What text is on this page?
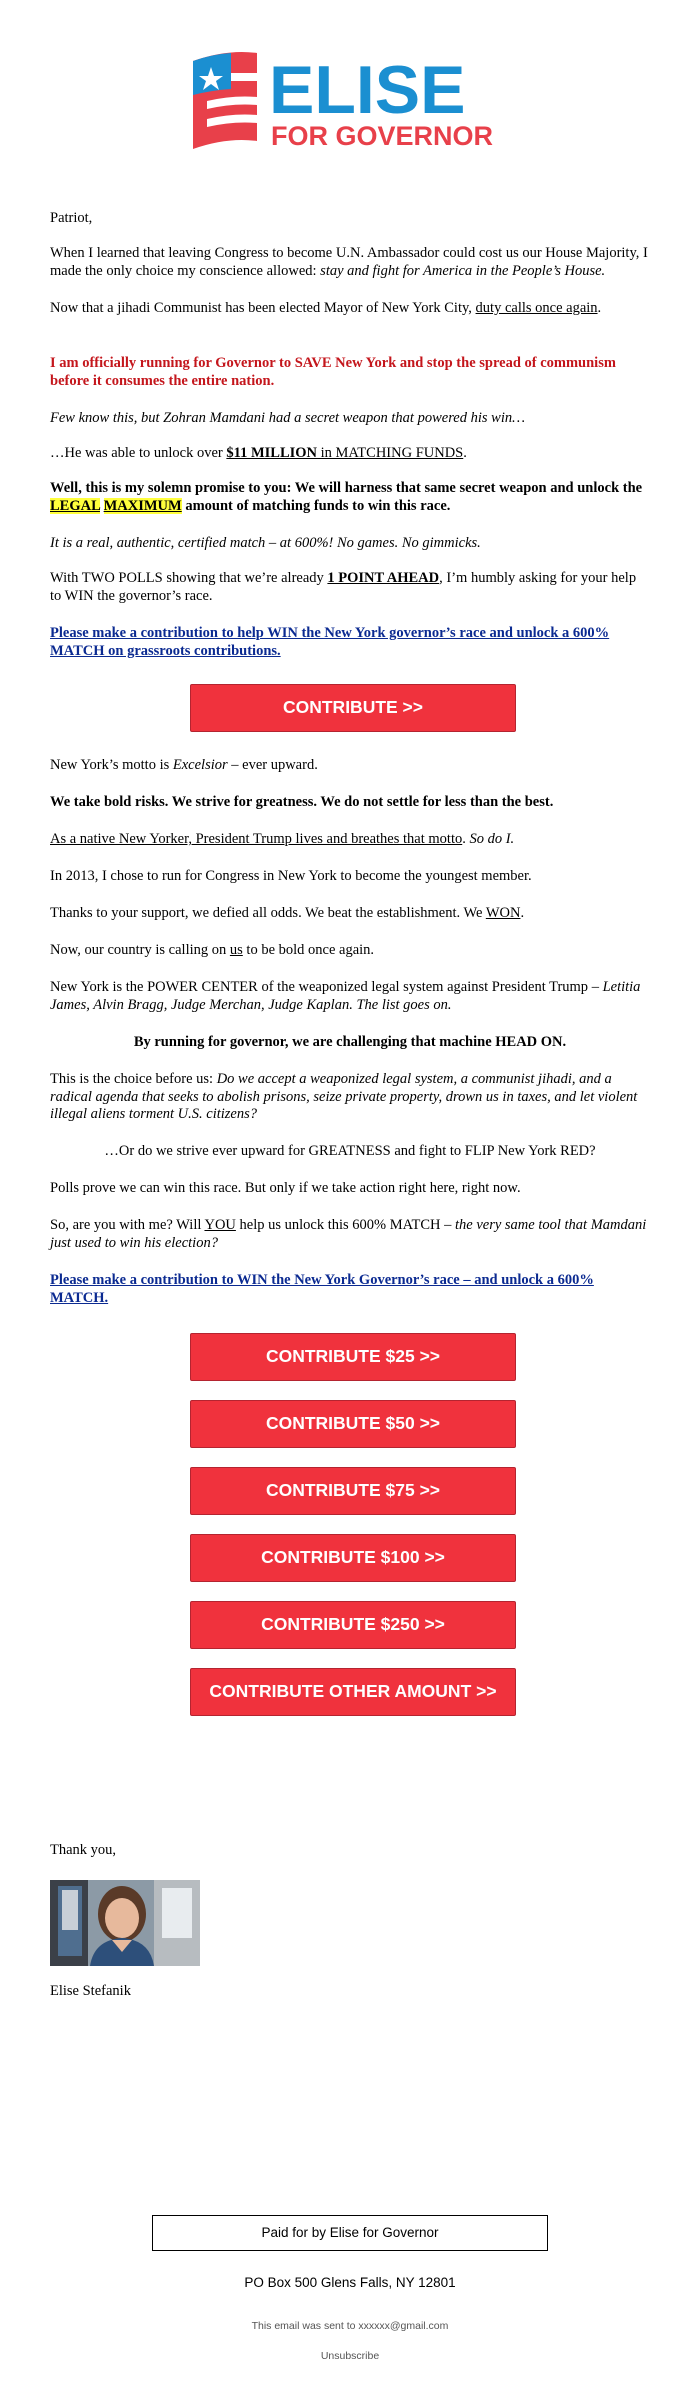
ELISE
FOR GOVERNOR

Patriot,

When I learned that leaving Congress to become U.N. Ambassador could cost us our House Majority, I made the only choice my conscience allowed: stay and fight for America in the People’s House.

Now that a jihadi Communist has been elected Mayor of New York City, duty calls once again.

I am officially running for Governor to SAVE New York and stop the spread of communism before it consumes the entire nation.

Few know this, but Zohran Mamdani had a secret weapon that powered his win…

…He was able to unlock over $11 MILLION in MATCHING FUNDS.

Well, this is my solemn promise to you: We will harness that same secret weapon and unlock the LEGAL MAXIMUM amount of matching funds to win this race.

It is a real, authentic, certified match – at 600%! No games. No gimmicks.

With TWO POLLS showing that we’re already 1 POINT AHEAD, I’m humbly asking for your help to WIN the governor’s race.

Please make a contribution to help WIN the New York governor’s race and unlock a 600% MATCH on grassroots contributions.

CONTRIBUTE >>

New York’s motto is Excelsior – ever upward.

We take bold risks. We strive for greatness. We do not settle for less than the best.

As a native New Yorker, President Trump lives and breathes that motto. So do I.

In 2013, I chose to run for Congress in New York to become the youngest member.

Thanks to your support, we defied all odds. We beat the establishment. We WON.

Now, our country is calling on us to be bold once again.

New York is the POWER CENTER of the weaponized legal system against President Trump – Letitia James, Alvin Bragg, Judge Merchan, Judge Kaplan. The list goes on.

By running for governor, we are challenging that machine HEAD ON.

This is the choice before us: Do we accept a weaponized legal system, a communist jihadi, and a radical agenda that seeks to abolish prisons, seize private property, drown us in taxes, and let violent illegal aliens torment U.S. citizens?

…Or do we strive ever upward for GREATNESS and fight to FLIP New York RED?

Polls prove we can win this race. But only if we take action right here, right now.

So, are you with me? Will YOU help us unlock this 600% MATCH – the very same tool that Mamdani just used to win his election?

Please make a contribution to WIN the New York Governor’s race – and unlock a 600% MATCH.

CONTRIBUTE $25 >>
CONTRIBUTE $50 >>
CONTRIBUTE $75 >>
CONTRIBUTE $100 >>
CONTRIBUTE $250 >>
CONTRIBUTE OTHER AMOUNT >>

Thank you,

Elise Stefanik

Paid for by Elise for Governor

PO Box 500 Glens Falls, NY 12801

This email was sent to xxxxxx@gmail.com

Unsubscribe
